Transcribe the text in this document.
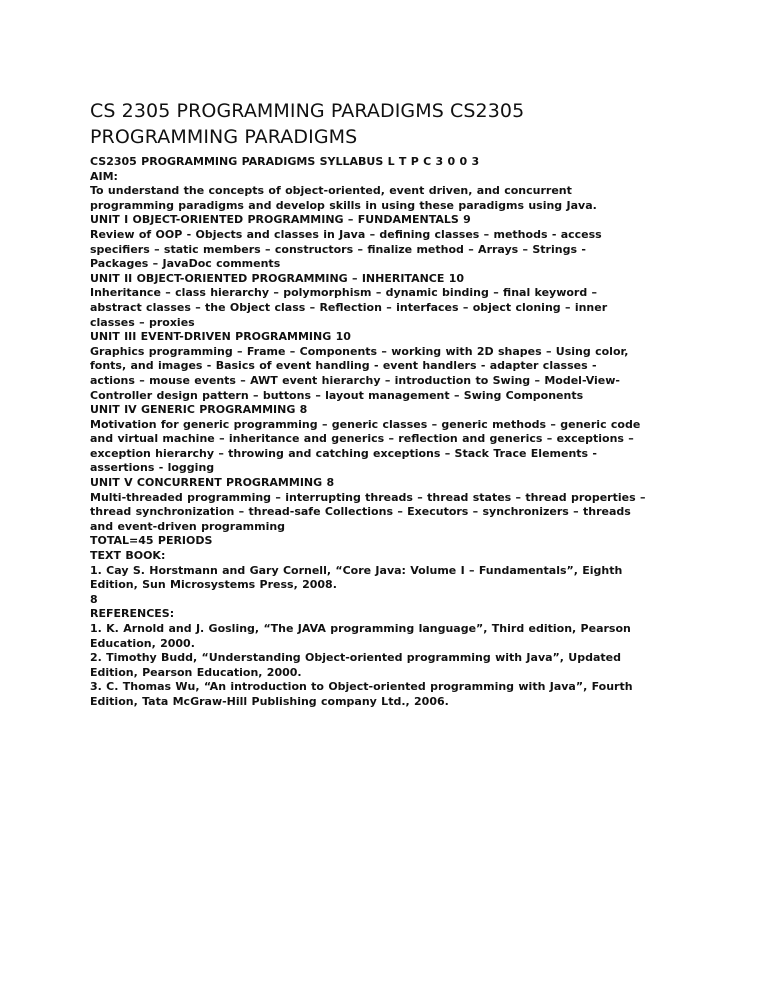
CS 2305 PROGRAMMING PARADIGMS CS2305 PROGRAMMING PARADIGMS
CS2305 PROGRAMMING PARADIGMS SYLLABUS L T P C 3 0 0 3
AIM:
To understand the concepts of object-oriented, event driven, and concurrent
programming paradigms and develop skills in using these paradigms using Java.
UNIT I OBJECT-ORIENTED PROGRAMMING – FUNDAMENTALS 9
Review of OOP - Objects and classes in Java – defining classes – methods - access
specifiers – static members – constructors – finalize method – Arrays – Strings -
Packages – JavaDoc comments
UNIT II OBJECT-ORIENTED PROGRAMMING – INHERITANCE 10
Inheritance – class hierarchy – polymorphism – dynamic binding – final keyword –
abstract classes – the Object class – Reflection – interfaces – object cloning – inner
classes – proxies
UNIT III EVENT-DRIVEN PROGRAMMING 10
Graphics programming – Frame – Components – working with 2D shapes – Using color,
fonts, and images - Basics of event handling - event handlers - adapter classes -
actions – mouse events – AWT event hierarchy – introduction to Swing – Model-View-
Controller design pattern – buttons – layout management – Swing Components
UNIT IV GENERIC PROGRAMMING 8
Motivation for generic programming – generic classes – generic methods – generic code
and virtual machine – inheritance and generics – reflection and generics – exceptions –
exception hierarchy – throwing and catching exceptions – Stack Trace Elements -
assertions - logging
UNIT V CONCURRENT PROGRAMMING 8
Multi-threaded programming – interrupting threads – thread states – thread properties –
thread synchronization – thread-safe Collections – Executors – synchronizers – threads
and event-driven programming
TOTAL=45 PERIODS
TEXT BOOK:
1. Cay S. Horstmann and Gary Cornell, “Core Java: Volume I – Fundamentals”, Eighth
Edition, Sun Microsystems Press, 2008.
8
REFERENCES:
1. K. Arnold and J. Gosling, “The JAVA programming language”, Third edition, Pearson
Education, 2000.
2. Timothy Budd, “Understanding Object-oriented programming with Java”, Updated
Edition, Pearson Education, 2000.
3. C. Thomas Wu, “An introduction to Object-oriented programming with Java”, Fourth
Edition, Tata McGraw-Hill Publishing company Ltd., 2006.
